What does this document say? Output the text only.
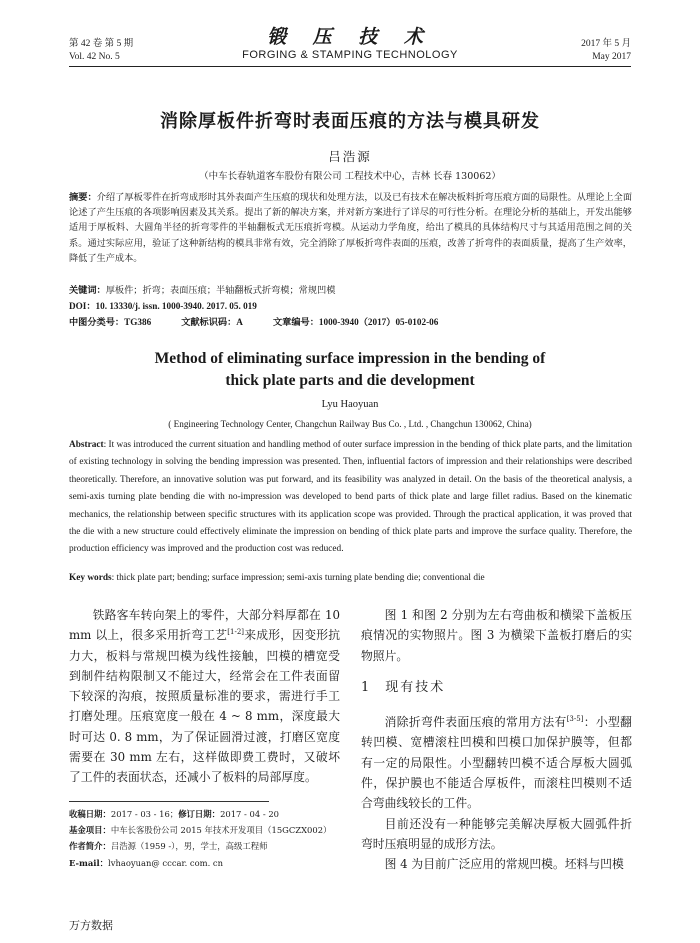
第 42 卷 第 5 期
Vol. 42 No. 5
锻 压 技 术
FORGING & STAMPING TECHNOLOGY
2017 年 5 月
May 2017
消除厚板件折弯时表面压痕的方法与模具研发
吕浩源
（中车长春轨道客车股份有限公司 工程技术中心，吉林 长春 130062）
摘要：介绍了厚板零件在折弯成形时其外表面产生压痕的现状和处理方法，以及已有技术在解决板料折弯压痕方面的局限性。从理论上全面论述了产生压痕的各项影响因素及其关系。提出了新的解决方案，并对新方案进行了详尽的可行性分析。在理论分析的基础上，开发出能够适用于厚板料、大圆角半径的折弯零件的半轴翻板式无压痕折弯模。从运动力学角度，给出了模具的具体结构尺寸与其适用范围之间的关系。通过实际应用，验证了这种新结构的模具非常有效，完全消除了厚板折弯件表面的压痕，改善了折弯件的表面质量，提高了生产效率，降低了生产成本。
关键词：厚板件；折弯；表面压痕；半轴翻板式折弯模；常规凹模
DOI：10. 13330/j. issn. 1000-3940. 2017. 05. 019
中图分类号：TG386	文献标识码：A	文章编号：1000-3940（2017）05-0102-06
Method of eliminating surface impression in the bending of thick plate parts and die development
Lyu Haoyuan
( Engineering Technology Center, Changchun Railway Bus Co. , Ltd. , Changchun 130062, China)
Abstract: It was introduced the current situation and handling method of outer surface impression in the bending of thick plate parts, and the limitation of existing technology in solving the bending impression was presented. Then, influential factors of impression and their relationships were described theoretically. Therefore, an innovative solution was put forward, and its feasibility was analyzed in detail. On the basis of the theoretical analysis, a semi-axis turning plate bending die with no-impression was developed to bend parts of thick plate and large fillet radius. Based on the kinematic mechanics, the relationship between specific structures with its application scope was provided. Through the practical application, it was proved that the die with a new structure could effectively eliminate the impression on bending of thick plate parts and improve the surface quality. Therefore, the production efficiency was improved and the production cost was reduced.
Key words: thick plate part; bending; surface impression; semi-axis turning plate bending die; conventional die

铁路客车转向架上的零件，大部分料厚都在 10 mm 以上，很多采用折弯工艺[1-2]来成形，因变形抗力大，板料与常规凹模为线性接触，凹模的槽宽受到制件结构限制又不能过大，经常会在工件表面留下较深的沟痕，按照质量标准的要求，需进行手工打磨处理。压痕宽度一般在 4 ~ 8 mm，深度最大时可达 0. 8 mm，为了保证圆滑过渡，打磨区宽度需要在 30 mm 左右，这样做即费工费时，又破坏了工件的表面状态，还减小了板料的局部厚度。

图 1 和图 2 分别为左右弯曲板和横梁下盖板压痕情况的实物照片。图 3 为横梁下盖板打磨后的实物照片。

1 现有技术

消除折弯件表面压痕的常用方法有[3-5]：小型翻转凹模、宽槽滚柱凹模和凹模口加保护膜等，但都有一定的局限性。小型翻转凹模不适合厚板大圆弧件，保护膜也不能适合厚板件，而滚柱凹模则不适合弯曲线较长的工件。

目前还没有一种能够完美解决厚板大圆弧件折弯时压痕明显的成形方法。

图 4 为目前广泛应用的常规凹模。坯料与凹模

收稿日期：2017 - 03 - 16；修订日期：2017 - 04 - 20
基金项目：中车长客股份公司 2015 年技术开发项目（15GCZX002）
作者简介：吕浩源（1959 -），男，学士，高级工程师
E-mail：lvhaoyuan@ cccar. com. cn
万方数据
